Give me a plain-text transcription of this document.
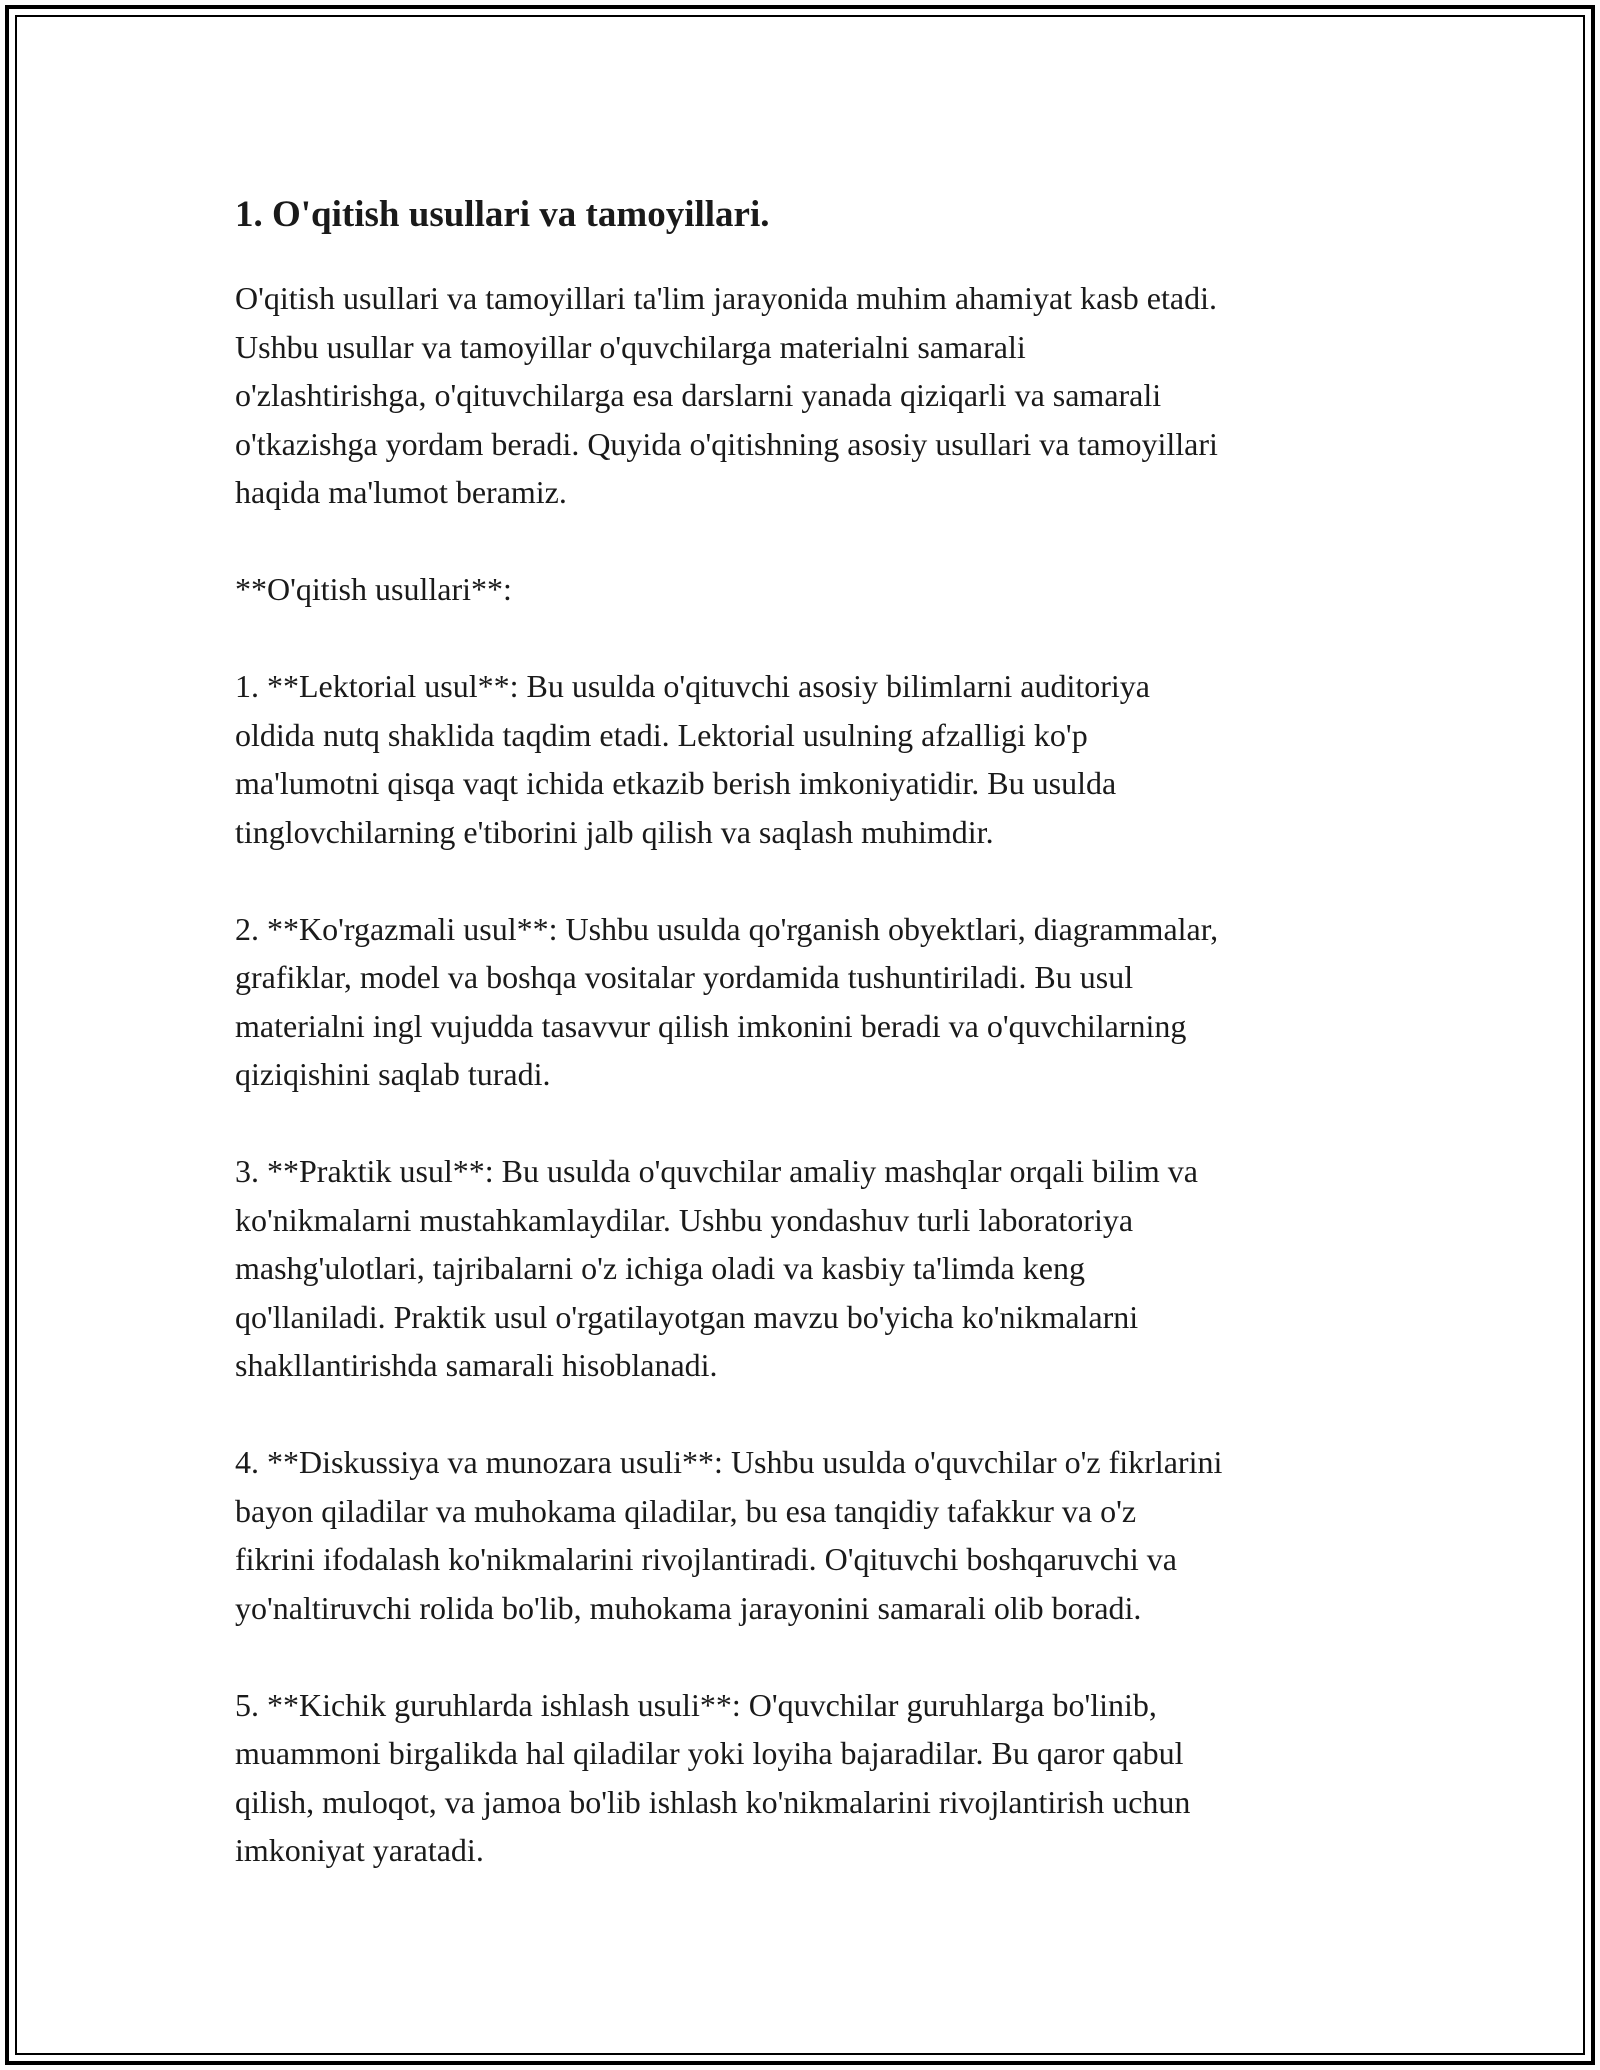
1. O'qitish usullari va tamoyillari.

O'qitish usullari va tamoyillari ta'lim jarayonida muhim ahamiyat kasb etadi.
Ushbu usullar va tamoyillar o'quvchilarga materialni samarali
o'zlashtirishga, o'qituvchilarga esa darslarni yanada qiziqarli va samarali
o'tkazishga yordam beradi. Quyida o'qitishning asosiy usullari va tamoyillari
haqida ma'lumot beramiz.

**O'qitish usullari**:

1. **Lektorial usul**: Bu usulda o'qituvchi asosiy bilimlarni auditoriya
oldida nutq shaklida taqdim etadi. Lektorial usulning afzalligi ko'p
ma'lumotni qisqa vaqt ichida etkazib berish imkoniyatidir. Bu usulda
tinglovchilarning e'tiborini jalb qilish va saqlash muhimdir.

2. **Ko'rgazmali usul**: Ushbu usulda qo'rganish obyektlari, diagrammalar,
grafiklar, model va boshqa vositalar yordamida tushuntiriladi. Bu usul
materialni ingl vujudda tasavvur qilish imkonini beradi va o'quvchilarning
qiziqishini saqlab turadi.

3. **Praktik usul**: Bu usulda o'quvchilar amaliy mashqlar orqali bilim va
ko'nikmalarni mustahkamlaydilar. Ushbu yondashuv turli laboratoriya
mashg'ulotlari, tajribalarni o'z ichiga oladi va kasbiy ta'limda keng
qo'llaniladi. Praktik usul o'rgatilayotgan mavzu bo'yicha ko'nikmalarni
shakllantirishda samarali hisoblanadi.

4. **Diskussiya va munozara usuli**: Ushbu usulda o'quvchilar o'z fikrlarini
bayon qiladilar va muhokama qiladilar, bu esa tanqidiy tafakkur va o'z
fikrini ifodalash ko'nikmalarini rivojlantiradi. O'qituvchi boshqaruvchi va
yo'naltiruvchi rolida bo'lib, muhokama jarayonini samarali olib boradi.

5. **Kichik guruhlarda ishlash usuli**: O'quvchilar guruhlarga bo'linib,
muammoni birgalikda hal qiladilar yoki loyiha bajaradilar. Bu qaror qabul
qilish, muloqot, va jamoa bo'lib ishlash ko'nikmalarini rivojlantirish uchun
imkoniyat yaratadi.
